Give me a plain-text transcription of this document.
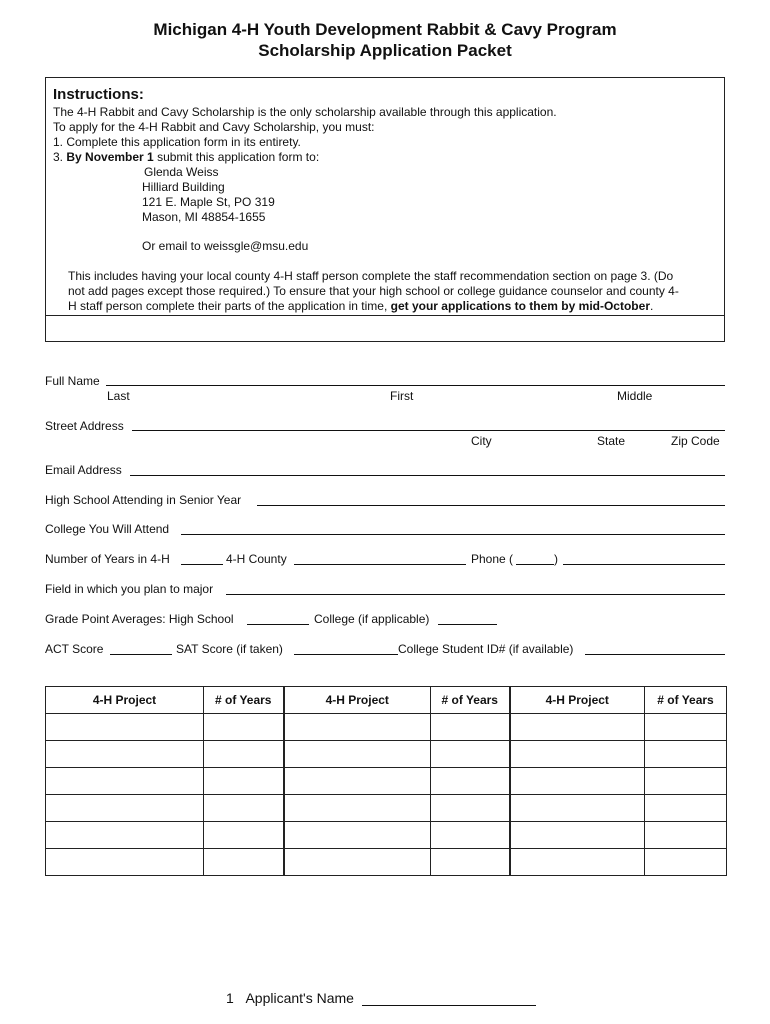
Michigan 4-H Youth Development Rabbit & Cavy Program
Scholarship Application Packet
Instructions:
The 4-H Rabbit and Cavy Scholarship is the only scholarship available through this application.
To apply for the 4-H Rabbit and Cavy Scholarship, you must:
1. Complete this application form in its entirety.
3. By November 1 submit this application form to:
Glenda Weiss
Hilliard Building
121 E. Maple St, PO 319
Mason, MI 48854-1655
Or email to weissgle@msu.edu
This includes having your local county 4-H staff person complete the staff recommendation section on page 3. (Do
not add pages except those required.) To ensure that your high school or college guidance counselor and county 4-
H staff person complete their parts of the application in time, get your applications to them by mid-October.
Full Name
Last	First	Middle
Street Address
City	State	Zip Code
Email Address
High School Attending in Senior Year
College You Will Attend
Number of Years in 4-H	4-H County	Phone (	)
Field in which you plan to major
Grade Point Averages: High School	College (if applicable)
ACT Score	SAT Score (if taken)	College Student ID# (if available)
4-H Project	# of Years	4-H Project	# of Years	4-H Project	# of Years

1 Applicant's Name
